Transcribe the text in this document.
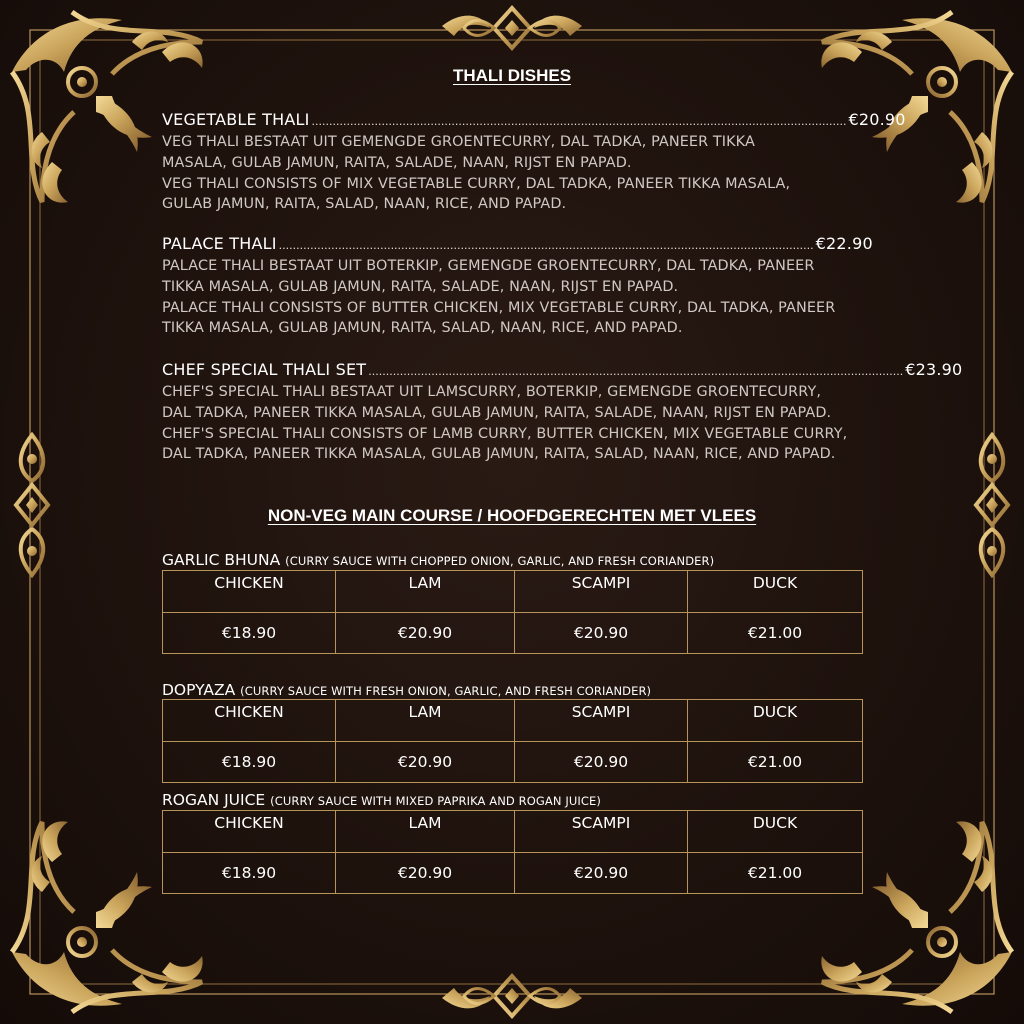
THALI DISHES
VEGETABLE THALI ......................................................................................................................................................... €20.90
VEG THALI BESTAAT UIT GEMENGDE GROENTECURRY, DAL TADKA, PANEER TIKKA
MASALA, GULAB JAMUN, RAITA, SALADE, NAAN, RIJST EN PAPAD.
VEG THALI CONSISTS OF MIX VEGETABLE CURRY, DAL TADKA, PANEER TIKKA MASALA,
GULAB JAMUN, RAITA, SALAD, NAAN, RICE, AND PAPAD.
PALACE THALI ......................................................................................................................................................... €22.90
PALACE THALI BESTAAT UIT BOTERKIP, GEMENGDE GROENTECURRY, DAL TADKA, PANEER
TIKKA MASALA, GULAB JAMUN, RAITA, SALADE, NAAN, RIJST EN PAPAD.
PALACE THALI CONSISTS OF BUTTER CHICKEN, MIX VEGETABLE CURRY, DAL TADKA, PANEER
TIKKA MASALA, GULAB JAMUN, RAITA, SALAD, NAAN, RICE, AND PAPAD.
CHEF SPECIAL THALI SET ......................................................................................................................................................... €23.90
CHEF'S SPECIAL THALI BESTAAT UIT LAMSCURRY, BOTERKIP, GEMENGDE GROENTECURRY,
DAL TADKA, PANEER TIKKA MASALA, GULAB JAMUN, RAITA, SALADE, NAAN, RIJST EN PAPAD.
CHEF'S SPECIAL THALI CONSISTS OF LAMB CURRY, BUTTER CHICKEN, MIX VEGETABLE CURRY,
DAL TADKA, PANEER TIKKA MASALA, GULAB JAMUN, RAITA, SALAD, NAAN, RICE, AND PAPAD.
NON-VEG MAIN COURSE / HOOFDGERECHTEN MET VLEES
GARLIC BHUNA (CURRY SAUCE WITH CHOPPED ONION, GARLIC, AND FRESH CORIANDER)
CHICKEN	LAM	SCAMPI	DUCK
€18.90	€20.90	€20.90	€21.00
DOPYAZA (CURRY SAUCE WITH FRESH ONION, GARLIC, AND FRESH CORIANDER)
CHICKEN	LAM	SCAMPI	DUCK
€18.90	€20.90	€20.90	€21.00
ROGAN JUICE (CURRY SAUCE WITH MIXED PAPRIKA AND ROGAN JUICE)
CHICKEN	LAM	SCAMPI	DUCK
€18.90	€20.90	€20.90	€21.00
